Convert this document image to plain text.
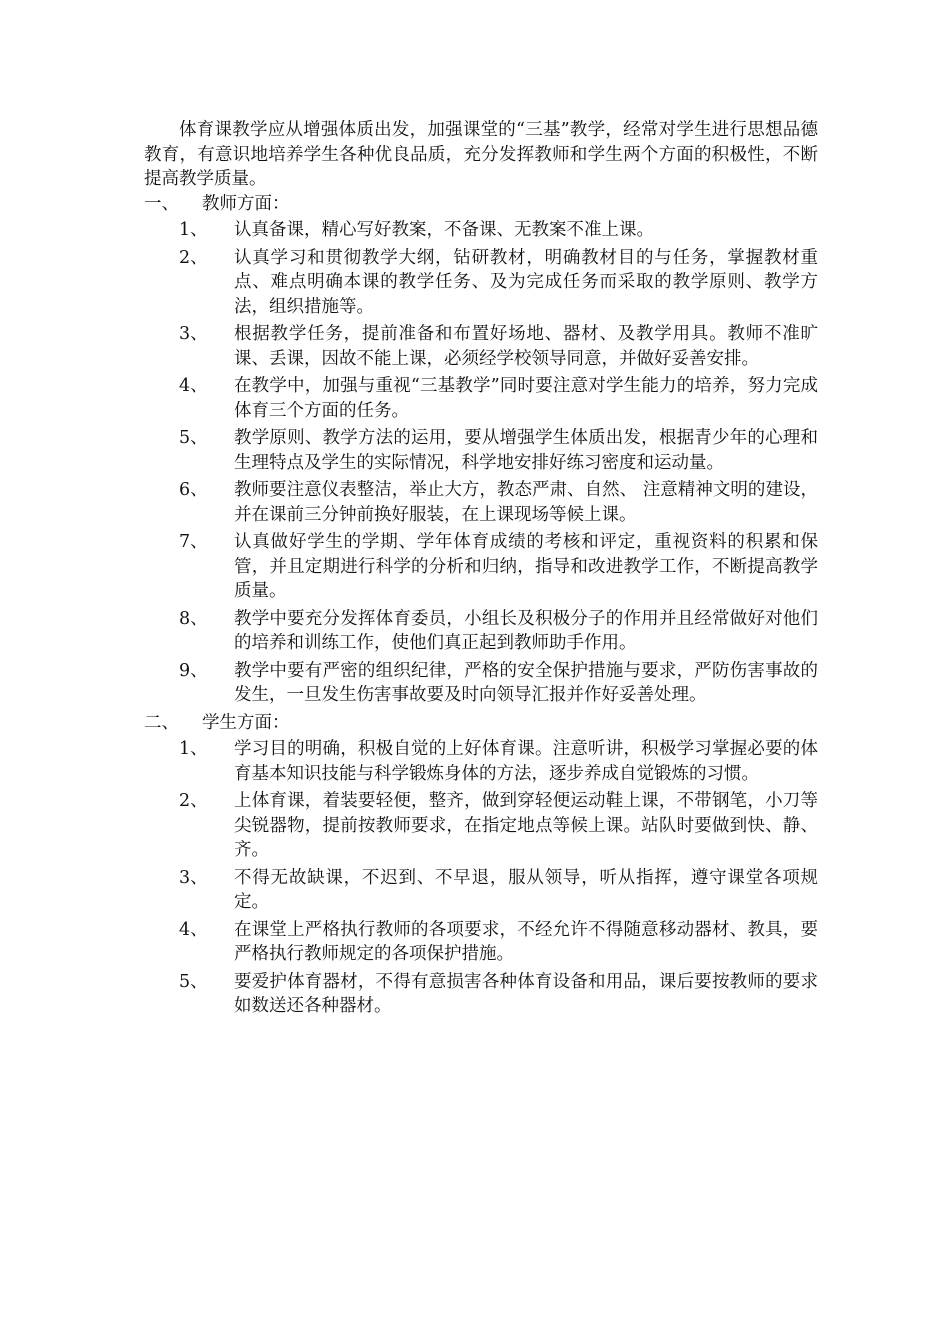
体育课教学应从增强体质出发，加强课堂的“三基”教学，经常对学生进行思想品德教育，有意识地培养学生各种优良品质，充分发挥教师和学生两个方面的积极性，不断提高教学质量。

一、 教师方面：
1、 认真备课，精心写好教案，不备课、无教案不准上课。
2、 认真学习和贯彻教学大纲，钻研教材，明确教材目的与任务，掌握教材重点、难点明确本课的教学任务、及为完成任务而采取的教学原则、教学方法，组织措施等。
3、 根据教学任务，提前准备和布置好场地、器材、及教学用具。教师不准旷课、丢课，因故不能上课，必须经学校领导同意，并做好妥善安排。
4、 在教学中，加强与重视“三基教学”同时要注意对学生能力的培养，努力完成体育三个方面的任务。
5、 教学原则、教学方法的运用，要从增强学生体质出发，根据青少年的心理和生理特点及学生的实际情况，科学地安排好练习密度和运动量。
6、 教师要注意仪表整洁，举止大方，教态严肃、自然、 注意精神文明的建设，并在课前三分钟前换好服装，在上课现场等候上课。
7、 认真做好学生的学期、学年体育成绩的考核和评定，重视资料的积累和保管，并且定期进行科学的分析和归纳，指导和改进教学工作，不断提高教学质量。
8、 教学中要充分发挥体育委员，小组长及积极分子的作用并且经常做好对他们的培养和训练工作，使他们真正起到教师助手作用。
9、 教学中要有严密的组织纪律，严格的安全保护措施与要求，严防伤害事故的发生，一旦发生伤害事故要及时向领导汇报并作好妥善处理。
二、 学生方面：
1、 学习目的明确，积极自觉的上好体育课。注意听讲，积极学习掌握必要的体育基本知识技能与科学锻炼身体的方法，逐步养成自觉锻炼的习惯。
2、 上体育课，着装要轻便，整齐，做到穿轻便运动鞋上课，不带钢笔，小刀等尖锐器物，提前按教师要求，在指定地点等候上课。站队时要做到快、静、齐。
3、 不得无故缺课，不迟到、不早退，服从领导，听从指挥，遵守课堂各项规定。
4、 在课堂上严格执行教师的各项要求，不经允许不得随意移动器材、教具，要严格执行教师规定的各项保护措施。
5、 要爱护体育器材，不得有意损害各种体育设备和用品，课后要按教师的要求如数送还各种器材。
